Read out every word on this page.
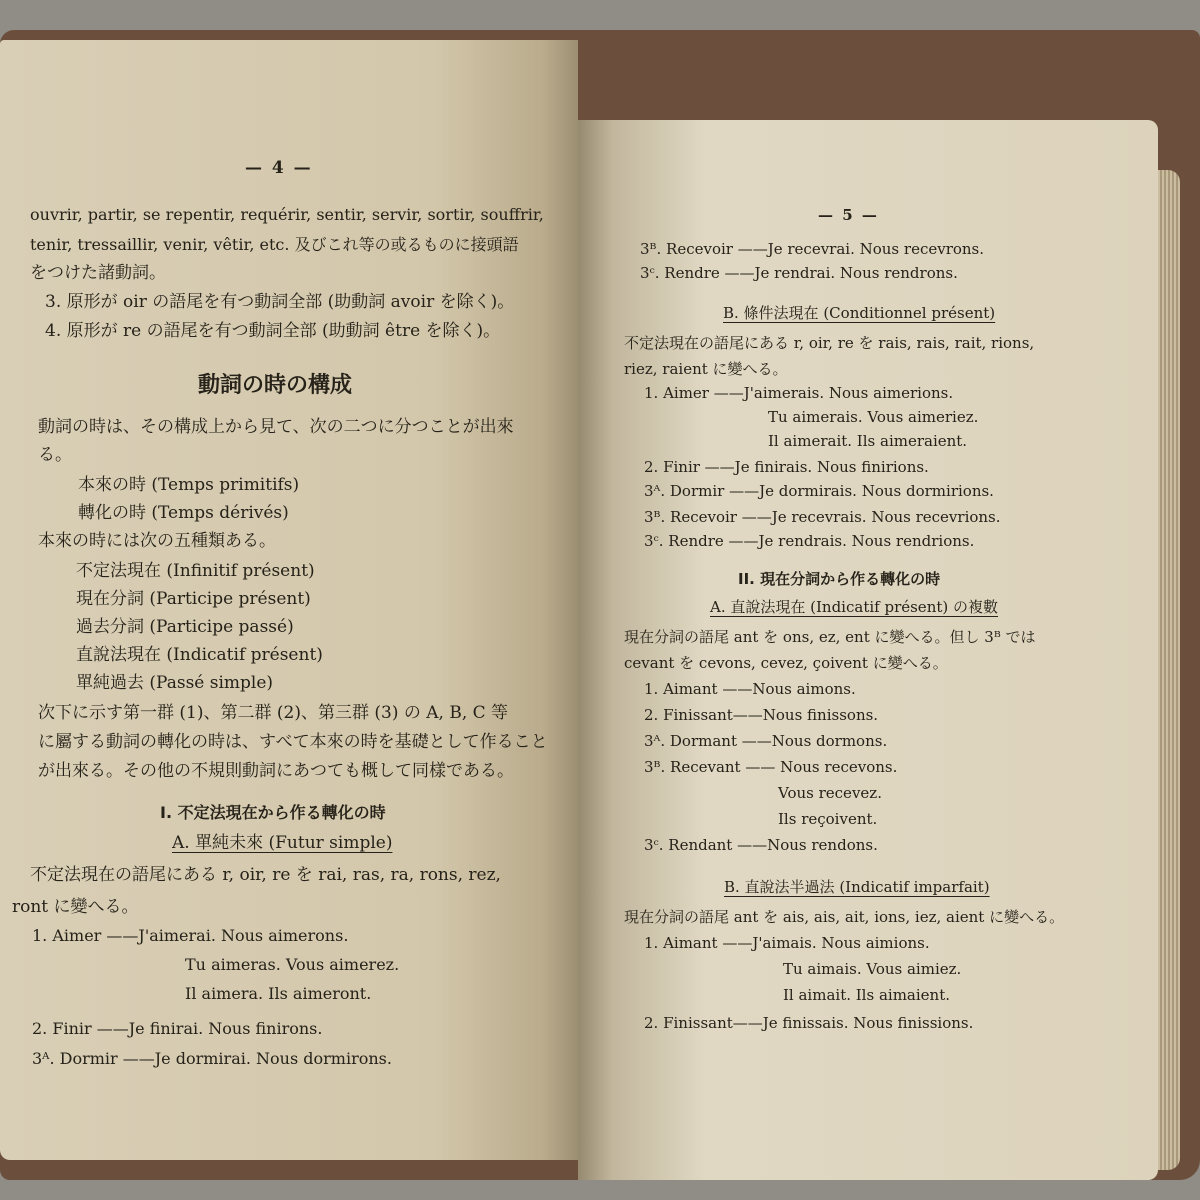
— 4 —
ouvrir, partir, se repentir, requérir, sentir, servir, sortir, souffrir,
tenir, tressaillir, venir, vêtir, etc. 及びこれ等の或るものに接頭語
をつけた諸動詞。
3. 原形が oir の語尾を有つ動詞全部 (助動詞 avoir を除く)。
4. 原形が re の語尾を有つ動詞全部 (助動詞 être を除く)。
動詞の時の構成
動詞の時は、その構成上から見て、次の二つに分つことが出來
る。
本來の時 (Temps primitifs)
轉化の時 (Temps dérivés)
本來の時には次の五種類ある。
不定法現在 (Infinitif présent)
現在分詞 (Participe présent)
過去分詞 (Participe passé)
直說法現在 (Indicatif présent)
單純過去 (Passé simple)
次下に示す第一群 (1)、第二群 (2)、第三群 (3) の A, B, C 等
に屬する動詞の轉化の時は、すべて本來の時を基礎として作ること
が出來る。その他の不規則動詞にあつても概して同樣である。
I. 不定法現在から作る轉化の時
A. 單純未來 (Futur simple)
不定法現在の語尾にある r, oir, re を rai, ras, ra, rons, rez,
ront に變へる。
1. Aimer ——J'aimerai. Nous aimerons.
Tu aimeras. Vous aimerez.
Il aimera. Ils aimeront.
2. Finir ——Je finirai. Nous finirons.
3ᴬ. Dormir ——Je dormirai. Nous dormirons.
— 5 —
3ᴮ. Recevoir ——Je recevrai. Nous recevrons.
3ᶜ. Rendre ——Je rendrai. Nous rendrons.
B. 條件法現在 (Conditionnel présent)
不定法現在の語尾にある r, oir, re を rais, rais, rait, rions,
riez, raient に變へる。
1. Aimer ——J'aimerais. Nous aimerions.
Tu aimerais. Vous aimeriez.
Il aimerait. Ils aimeraient.
2. Finir ——Je finirais. Nous finirions.
3ᴬ. Dormir ——Je dormirais. Nous dormirions.
3ᴮ. Recevoir ——Je recevrais. Nous recevrions.
3ᶜ. Rendre ——Je rendrais. Nous rendrions.
II. 現在分詞から作る轉化の時
A. 直說法現在 (Indicatif présent) の複數
現在分詞の語尾 ant を ons, ez, ent に變へる。但し 3ᴮ では
cevant を cevons, cevez, çoivent に變へる。
1. Aimant ——Nous aimons.
2. Finissant——Nous finissons.
3ᴬ. Dormant ——Nous dormons.
3ᴮ. Recevant —— Nous recevons.
Vous recevez.
Ils reçoivent.
3ᶜ. Rendant ——Nous rendons.
B. 直說法半過法 (Indicatif imparfait)
現在分詞の語尾 ant を ais, ais, ait, ions, iez, aient に變へる。
1. Aimant ——J'aimais. Nous aimions.
Tu aimais. Vous aimiez.
Il aimait. Ils aimaient.
2. Finissant——Je finissais. Nous finissions.
